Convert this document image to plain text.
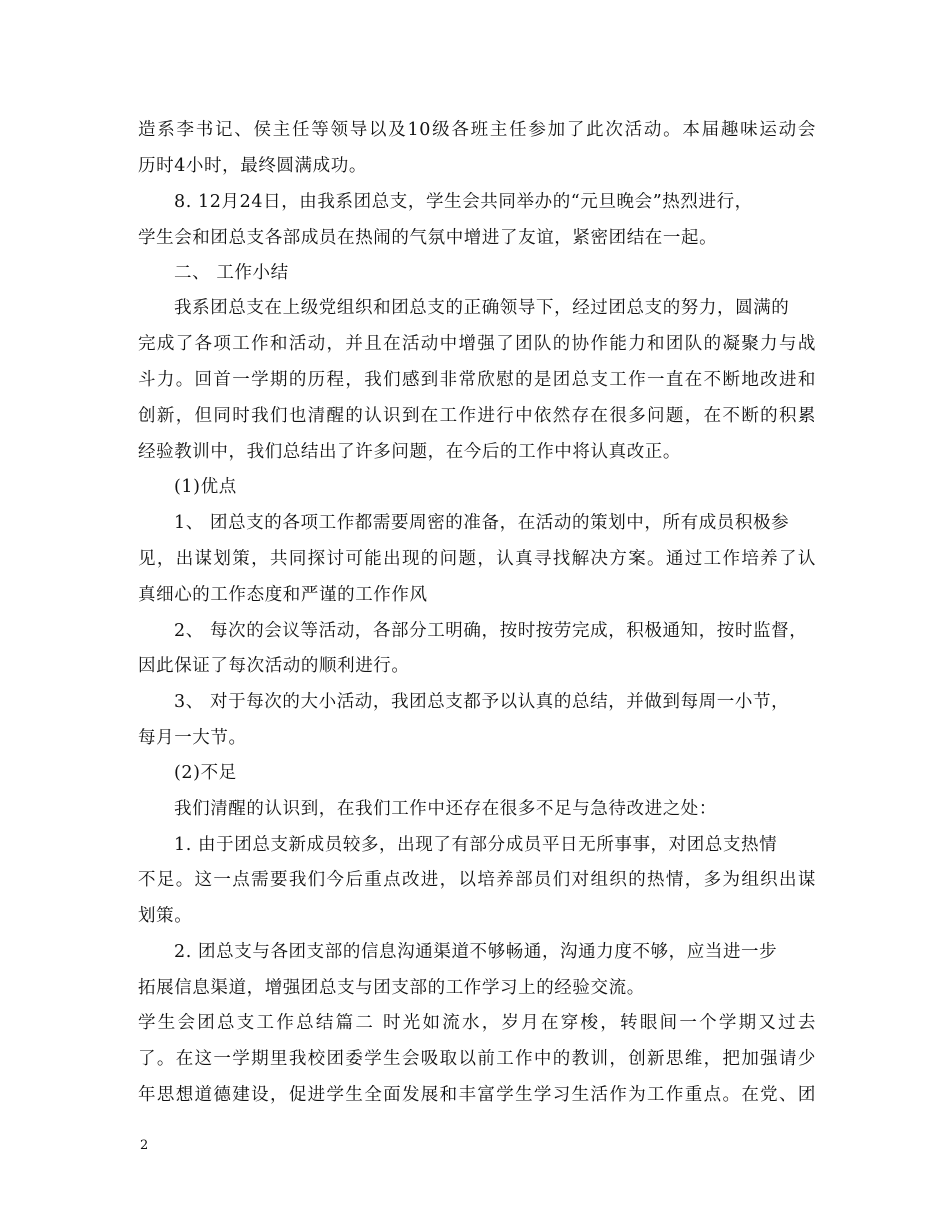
造系李书记、侯主任等领导以及10级各班主任参加了此次活动。本届趣味运动会
历时4小时，最终圆满成功。
8. 12月24日，由我系团总支，学生会共同举办的“元旦晚会”热烈进行，
学生会和团总支各部成员在热闹的气氛中增进了友谊，紧密团结在一起。
二、 工作小结
我系团总支在上级党组织和团总支的正确领导下，经过团总支的努力，圆满的
完成了各项工作和活动，并且在活动中增强了团队的协作能力和团队的凝聚力与战
斗力。回首一学期的历程，我们感到非常欣慰的是团总支工作一直在不断地改进和
创新，但同时我们也清醒的认识到在工作进行中依然存在很多问题，在不断的积累
经验教训中，我们总结出了许多问题，在今后的工作中将认真改正。
(1)优点
1、 团总支的各项工作都需要周密的准备，在活动的策划中，所有成员积极参
见，出谋划策，共同探讨可能出现的问题，认真寻找解决方案。通过工作培养了认
真细心的工作态度和严谨的工作作风
2、 每次的会议等活动，各部分工明确，按时按劳完成，积极通知，按时监督，
因此保证了每次活动的顺利进行。
3、 对于每次的大小活动，我团总支都予以认真的总结，并做到每周一小节，
每月一大节。
(2)不足
我们清醒的认识到，在我们工作中还存在很多不足与急待改进之处：
1. 由于团总支新成员较多，出现了有部分成员平日无所事事，对团总支热情
不足。这一点需要我们今后重点改进，以培养部员们对组织的热情，多为组织出谋
划策。
2. 团总支与各团支部的信息沟通渠道不够畅通，沟通力度不够，应当进一步
拓展信息渠道，增强团总支与团支部的工作学习上的经验交流。
学生会团总支工作总结篇二 时光如流水，岁月在穿梭，转眼间一个学期又过去
了。在这一学期里我校团委学生会吸取以前工作中的教训，创新思维，把加强请少
年思想道德建设，促进学生全面发展和丰富学生学习生活作为工作重点。在党、团
2
